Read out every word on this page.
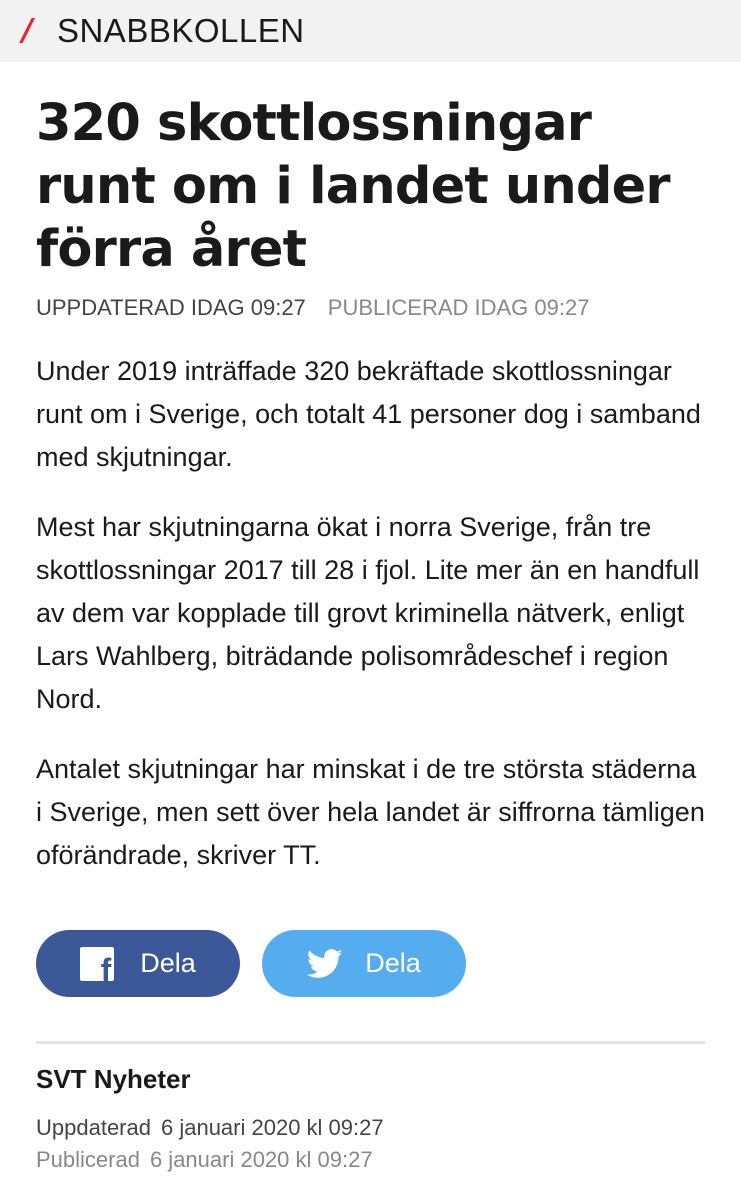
/ SNABBKOLLEN
320 skottlossningar runt om i landet under förra året
UPPDATERAD IDAG 09:27 PUBLICERAD IDAG 09:27

Under 2019 inträffade 320 bekräftade skottlossningar runt om i Sverige, och totalt 41 personer dog i samband med skjutningar.

Mest har skjutningarna ökat i norra Sverige, från tre skottlossningar 2017 till 28 i fjol. Lite mer än en handfull av dem var kopplade till grovt kriminella nätverk, enligt Lars Wahlberg, biträdande polisområdeschef i region Nord.

Antalet skjutningar har minskat i de tre största städerna i Sverige, men sett över hela landet är siffrorna tämligen oförändrade, skriver TT.

f Dela	Dela
SVT Nyheter
Uppdaterad 6 januari 2020 kl 09:27
Publicerad 6 januari 2020 kl 09:27
